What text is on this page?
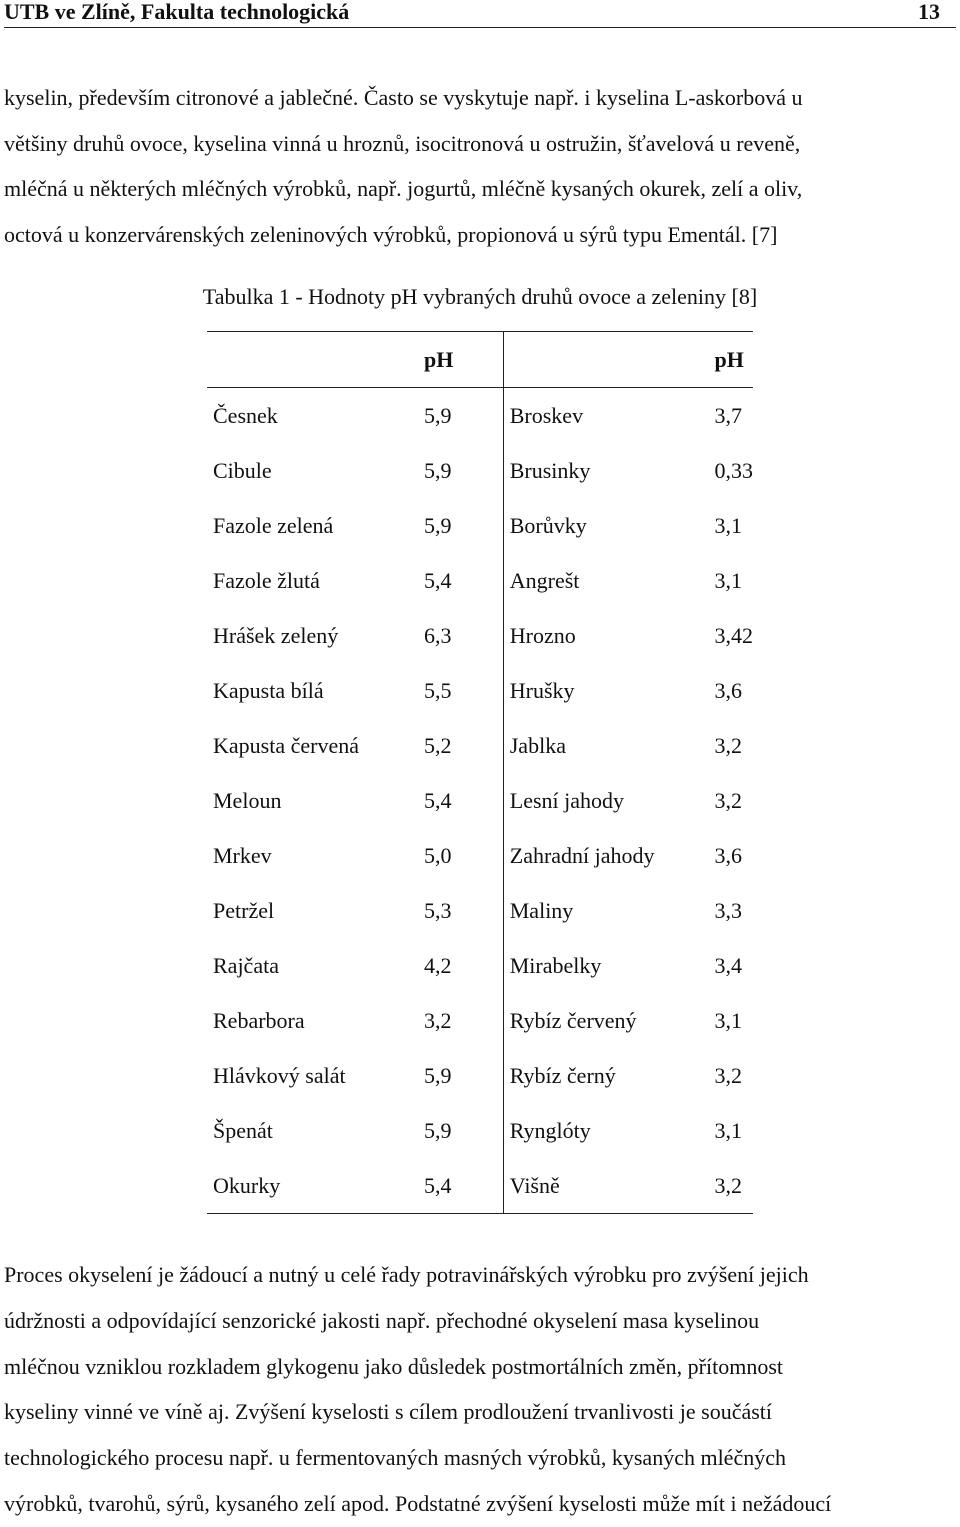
UTB ve Zlíně, Fakulta technologická	13

kyselin, především citronové a jablečné. Často se vyskytuje např. i kyselina L-askorbová u

většiny druhů ovoce, kyselina vinná u hroznů, isocitronová u ostružin, šťavelová u reveně,

mléčná u některých mléčných výrobků, např. jogurtů, mléčně kysaných okurek, zelí a oliv,

octová u konzervárenských zeleninových výrobků, propionová u sýrů typu Ementál. [7]

Tabulka 1 - Hodnoty pH vybraných druhů ovoce a zeleniny [8]
	pH		pH
Česnek	5,9	Broskev	3,7
Cibule	5,9	Brusinky	0,33
Fazole zelená	5,9	Borůvky	3,1
Fazole žlutá	5,4	Angrešt	3,1
Hrášek zelený	6,3	Hrozno	3,42
Kapusta bílá	5,5	Hrušky	3,6
Kapusta červená	5,2	Jablka	3,2
Meloun	5,4	Lesní jahody	3,2
Mrkev	5,0	Zahradní jahody	3,6
Petržel	5,3	Maliny	3,3
Rajčata	4,2	Mirabelky	3,4
Rebarbora	3,2	Rybíz červený	3,1
Hlávkový salát	5,9	Rybíz černý	3,2
Špenát	5,9	Rynglóty	3,1
Okurky	5,4	Višně	3,2

Proces okyselení je žádoucí a nutný u celé řady potravinářských výrobku pro zvýšení jejich

údržnosti a odpovídající senzorické jakosti např. přechodné okyselení masa kyselinou

mléčnou vzniklou rozkladem glykogenu jako důsledek postmortálních změn, přítomnost

kyseliny vinné ve víně aj. Zvýšení kyselosti s cílem prodloužení trvanlivosti je součástí

technologického procesu např. u fermentovaných masných výrobků, kysaných mléčných

výrobků, tvarohů, sýrů, kysaného zelí apod. Podstatné zvýšení kyselosti může mít i nežádoucí
